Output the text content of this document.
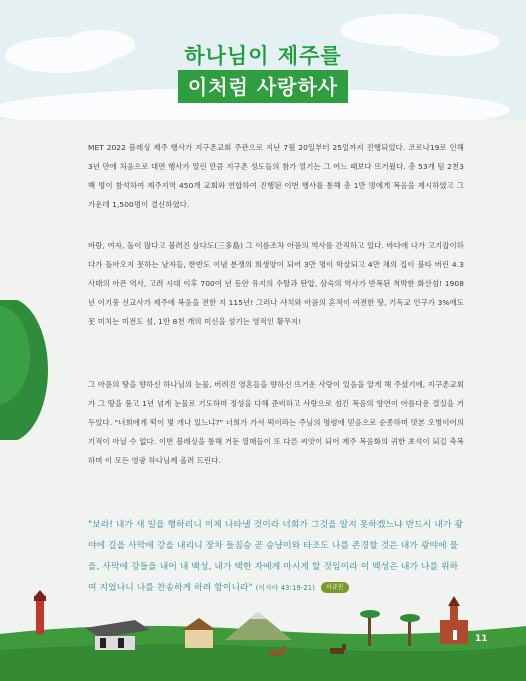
하나님이 제주를
이처럼 사랑하사

MET 2022 블레싱 제주 행사가 지구촌교회 주관으로 지난 7월 20일부터 25일까지 진행되었다. 코로나19로 인해 3년 만에 처음으로 대면 행사가 열린 만큼 지구촌 성도들의 참가 열기는 그 어느 때보다 뜨거웠다. 총 53개 팀 2천3백 명이 참석하여 제주지역 450개 교회와 연합하여 진행된 이번 행사를 통해 총 1만 명에게 복음을 제시하였고 그 가운데 1,500명이 결신하였다.

바람, 여자, 돌이 많다고 불려진 삼다도(三多島) 그 이름조차 아픔의 역사를 간직하고 있다. 바다에 나가 고기잡이하다가 돌아오지 못하는 남자들, 한반도 이념 분쟁의 희생양이 되어 3만 명이 학살되고 4만 채의 집이 불타 버린 4.3사태의 아픈 역사, 고려 시대 이후 700여 년 동안 유지의 수탈과 탄압, 삼숙의 역사가 반복된 척박한 화산섬! 1908년 이기풍 선교사가 제주에 복음을 전한 지 115년! 그러나 샤치와 아픔의 흔적이 여전한 땅, 기독교 인구가 3%에도 못 미치는 미전도 섬, 1만 8천 개의 미신을 섬기는 영적인 황무지!

그 아픔의 땅을 향하신 하나님의 눈물, 버려진 영혼들을 향하신 뜨거운 사랑이 있음을 알게 해 주셨기에, 지구촌교회가 그 땅을 품고 1년 넘게 눈물로 기도하며 정성을 다해 준비하고 사랑으로 섬긴 복음의 향연이 아름다운 결실을 거두었다. "너희에게 떡이 몇 개나 있느냐?" 너희가 가서 떡이라는 주님의 명령에 믿음으로 순종하며 맛본 오병이어의 기적이 아닐 수 없다. 이번 블레싱을 통해 거둔 열매들이 또 다른 씨앗이 되어 제주 복음화의 귀한 초석이 되길 축복하며 이 모든 영광 하나님께 올려 드린다.

"보라! 내가 새 일을 행하리니 이제 나타낼 것이라 너희가 그것을 알지 못하겠느냐 반드시 내가 광야에 길을 사막에 강을 내리니 장차 들짐승 곧 승냥이와 타조도 나를 존경할 것은 내가 광야에 물을, 사막에 강들을 내어 내 백성, 내가 택한 자에게 마시게 할 것임이라 이 백성은 내가 나를 위하여 지었나니 나를 찬송하게 하려 함이니라" (이사야 43:19-21) 서규진

11
